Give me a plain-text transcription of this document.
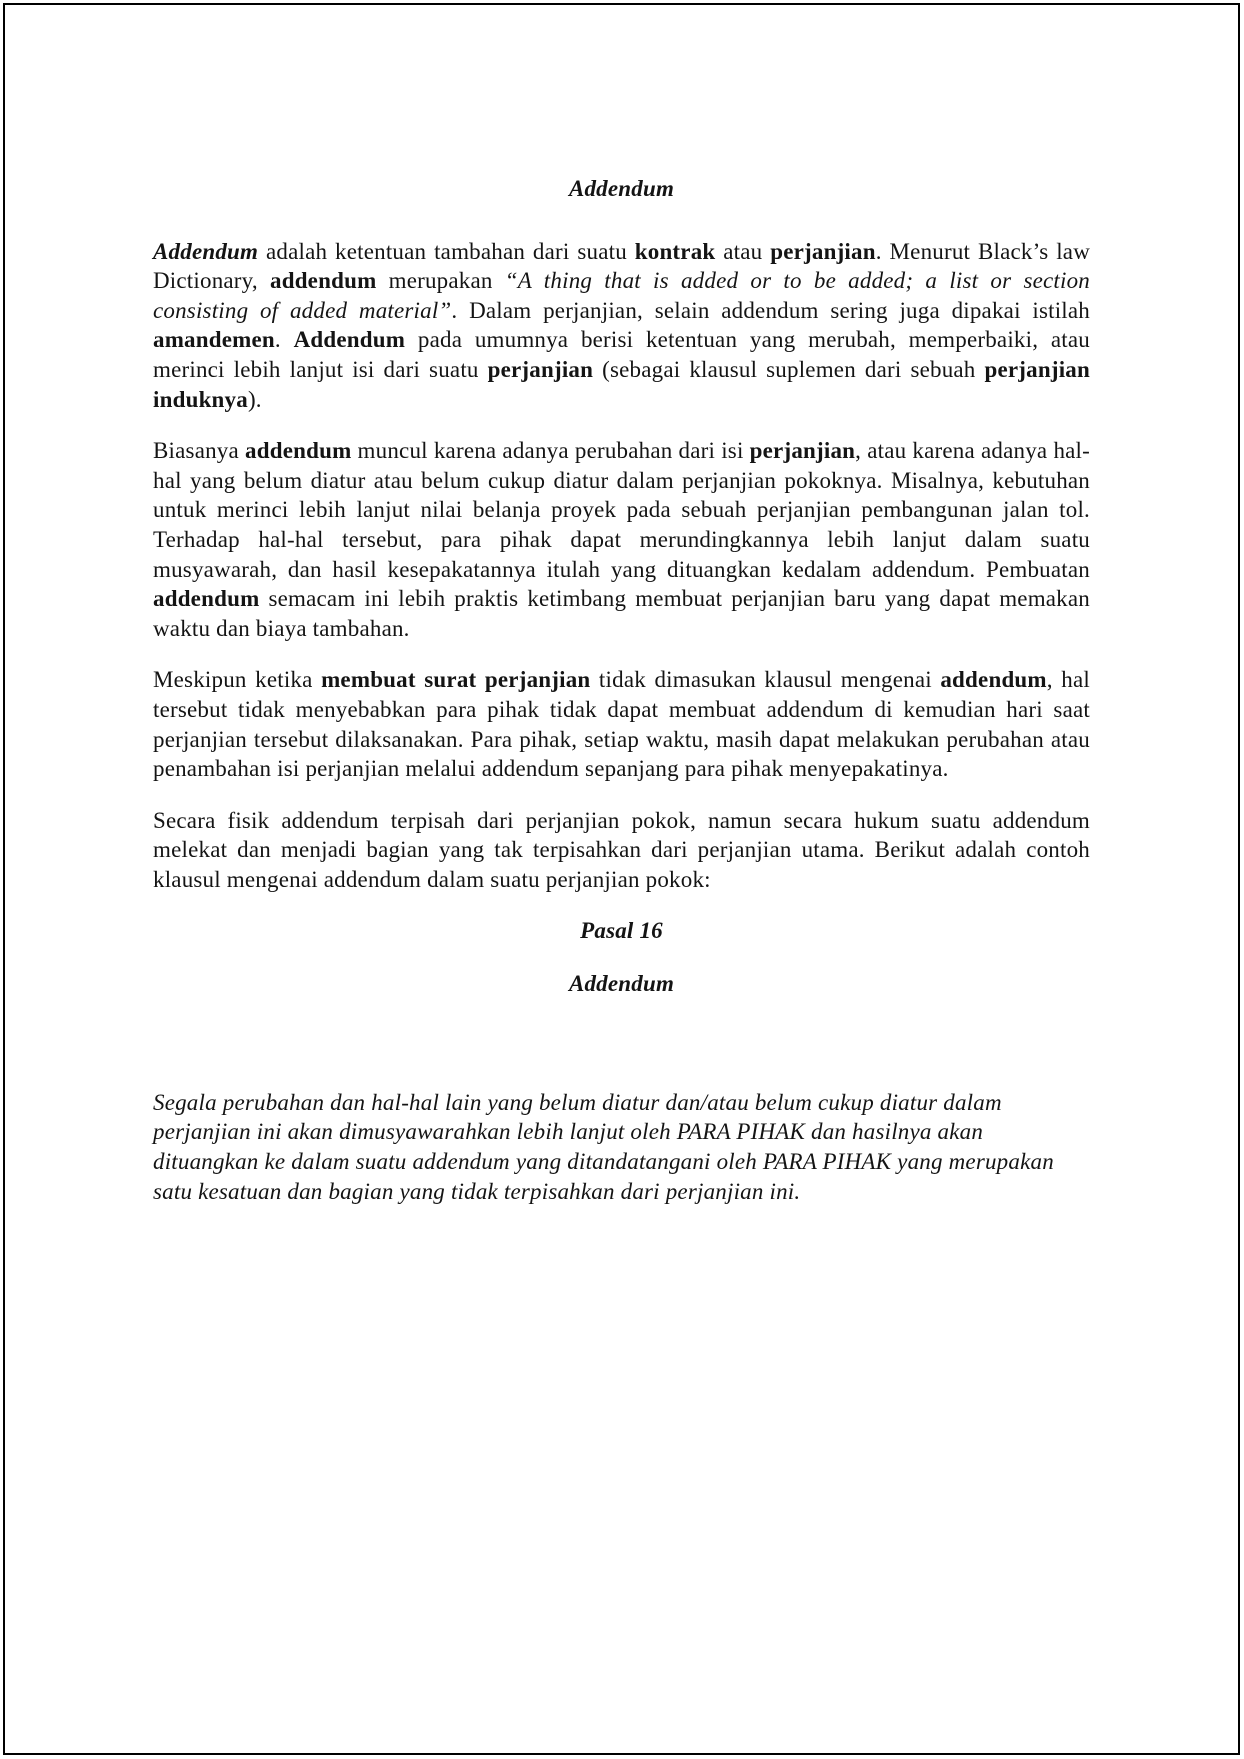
Addendum

Addendum adalah ketentuan tambahan dari suatu kontrak atau perjanjian. Menurut Black’s law Dictionary, addendum merupakan “A thing that is added or to be added; a list or section consisting of added material”. Dalam perjanjian, selain addendum sering juga dipakai istilah amandemen. Addendum pada umumnya berisi ketentuan yang merubah, memperbaiki, atau merinci lebih lanjut isi dari suatu perjanjian (sebagai klausul suplemen dari sebuah perjanjian induknya).

Biasanya addendum muncul karena adanya perubahan dari isi perjanjian, atau karena adanya hal-hal yang belum diatur atau belum cukup diatur dalam perjanjian pokoknya. Misalnya, kebutuhan untuk merinci lebih lanjut nilai belanja proyek pada sebuah perjanjian pembangunan jalan tol. Terhadap hal-hal tersebut, para pihak dapat merundingkannya lebih lanjut dalam suatu musyawarah, dan hasil kesepakatannya itulah yang dituangkan kedalam addendum. Pembuatan addendum semacam ini lebih praktis ketimbang membuat perjanjian baru yang dapat memakan waktu dan biaya tambahan.

Meskipun ketika membuat surat perjanjian tidak dimasukan klausul mengenai addendum, hal tersebut tidak menyebabkan para pihak tidak dapat membuat addendum di kemudian hari saat perjanjian tersebut dilaksanakan. Para pihak, setiap waktu, masih dapat melakukan perubahan atau penambahan isi perjanjian melalui addendum sepanjang para pihak menyepakatinya.

Secara fisik addendum terpisah dari perjanjian pokok, namun secara hukum suatu addendum melekat dan menjadi bagian yang tak terpisahkan dari perjanjian utama. Berikut adalah contoh klausul mengenai addendum dalam suatu perjanjian pokok:

Pasal 16

Addendum

Segala perubahan dan hal-hal lain yang belum diatur dan/atau belum cukup diatur dalam perjanjian ini akan dimusyawarahkan lebih lanjut oleh PARA PIHAK dan hasilnya akan dituangkan ke dalam suatu addendum yang ditandatangani oleh PARA PIHAK yang merupakan satu kesatuan dan bagian yang tidak terpisahkan dari perjanjian ini.
